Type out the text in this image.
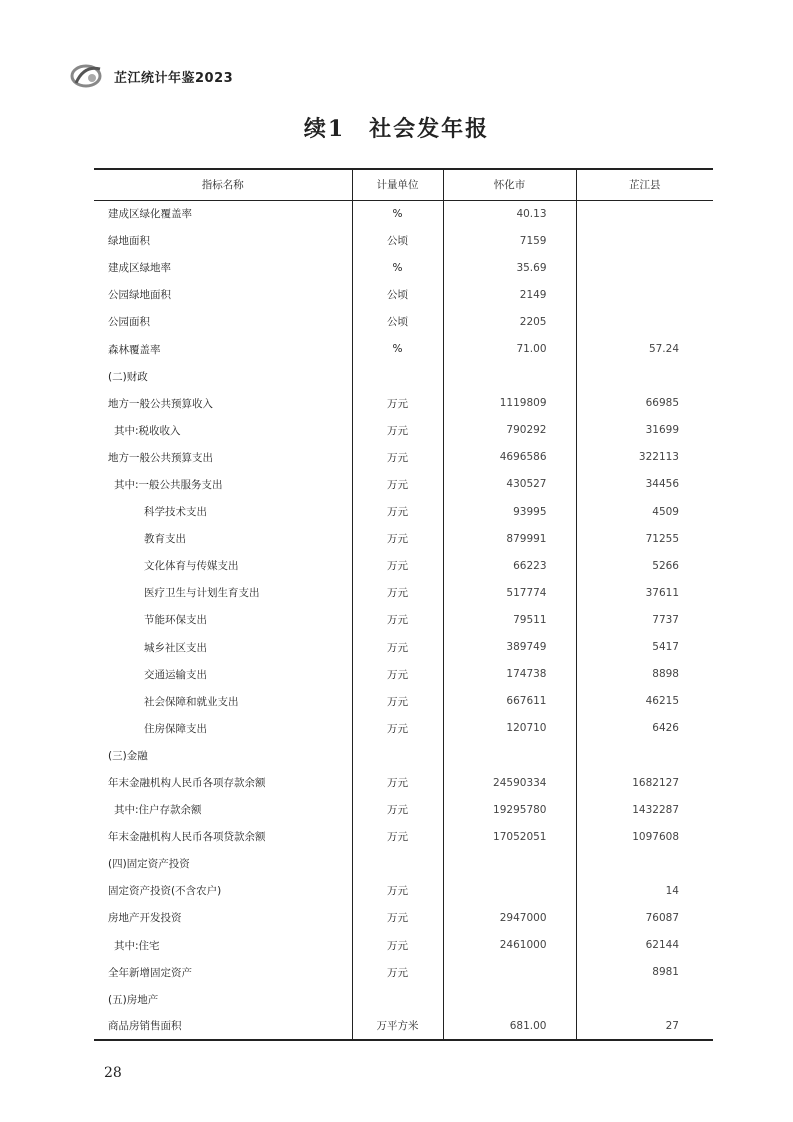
芷江统计年鉴2023
续1　社会发年报
指标名称	计量单位	怀化市	芷江县
建成区绿化覆盖率	%	40.13	
绿地面积	公顷	7159	
建成区绿地率	%	35.69	
公园绿地面积	公顷	2149	
公园面积	公顷	2205	
森林覆盖率	%	71.00	57.24
(二)财政			
地方一般公共预算收入	万元	1119809	66985
其中:税收收入	万元	790292	31699
地方一般公共预算支出	万元	4696586	322113
其中:一般公共服务支出	万元	430527	34456
科学技术支出	万元	93995	4509
教育支出	万元	879991	71255
文化体育与传媒支出	万元	66223	5266
医疗卫生与计划生育支出	万元	517774	37611
节能环保支出	万元	79511	7737
城乡社区支出	万元	389749	5417
交通运输支出	万元	174738	8898
社会保障和就业支出	万元	667611	46215
住房保障支出	万元	120710	6426
(三)金融			
年末金融机构人民币各项存款余额	万元	24590334	1682127
其中:住户存款余额	万元	19295780	1432287
年末金融机构人民币各项贷款余额	万元	17052051	1097608
(四)固定资产投资			
固定资产投资(不含农户)	万元		14
房地产开发投资	万元	2947000	76087
其中:住宅	万元	2461000	62144
全年新增固定资产	万元		8981
(五)房地产			
商品房销售面积	万平方米	681.00	27
28
